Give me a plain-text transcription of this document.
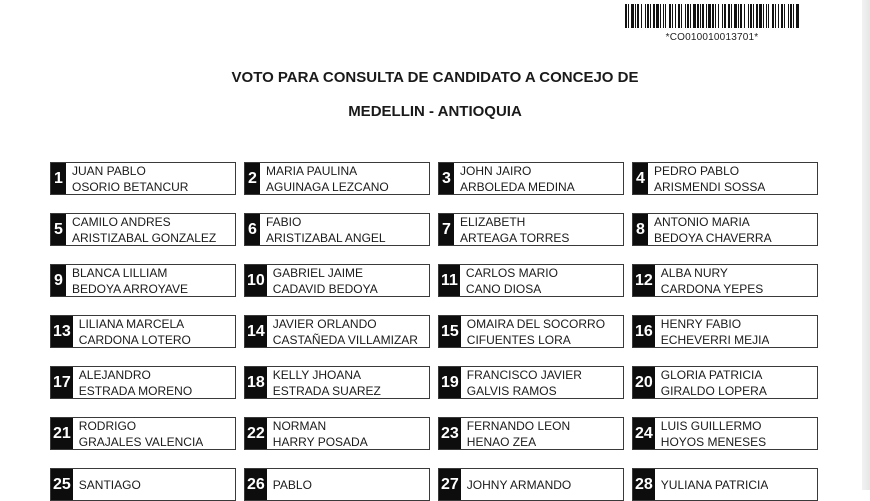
*CO010010013701*
VOTO PARA CONSULTA DE CANDIDATO A CONCEJO DE
MEDELLIN - ANTIOQUIA
1 JUAN PABLO
OSORIO BETANCUR
2 MARIA PAULINA
AGUINAGA LEZCANO
3 JOHN JAIRO
ARBOLEDA MEDINA
4 PEDRO PABLO
ARISMENDI SOSSA
5 CAMILO ANDRES
ARISTIZABAL GONZALEZ
6 FABIO
ARISTIZABAL ANGEL
7 ELIZABETH
ARTEAGA TORRES
8 ANTONIO MARIA
BEDOYA CHAVERRA
9 BLANCA LILLIAM
BEDOYA ARROYAVE
10 GABRIEL JAIME
CADAVID BEDOYA
11 CARLOS MARIO
CANO DIOSA
12 ALBA NURY
CARDONA YEPES
13 LILIANA MARCELA
CARDONA LOTERO
14 JAVIER ORLANDO
CASTAÑEDA VILLAMIZAR
15 OMAIRA DEL SOCORRO
CIFUENTES LORA
16 HENRY FABIO
ECHEVERRI MEJIA
17 ALEJANDRO
ESTRADA MORENO
18 KELLY JHOANA
ESTRADA SUAREZ
19 FRANCISCO JAVIER
GALVIS RAMOS
20 GLORIA PATRICIA
GIRALDO LOPERA
21 RODRIGO
GRAJALES VALENCIA
22 NORMAN
HARRY POSADA
23 FERNANDO LEON
HENAO ZEA
24 LUIS GUILLERMO
HOYOS MENESES
25 SANTIAGO	26 PABLO	27 JOHNY ARMANDO	28 YULIANA PATRICIA
